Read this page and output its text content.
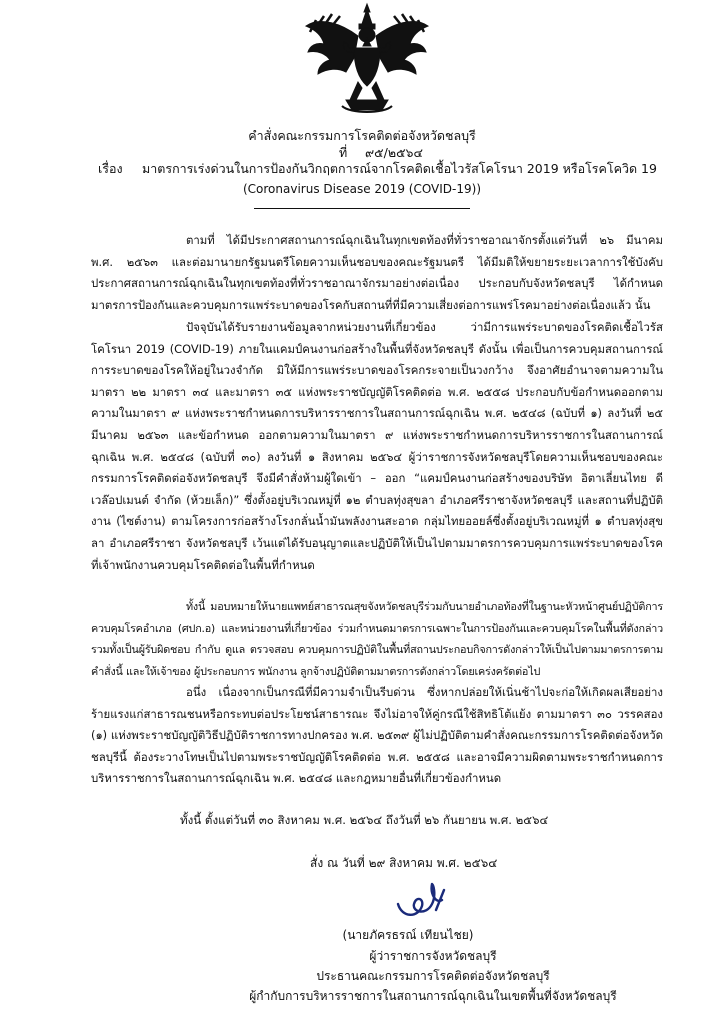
คำสั่งคณะกรรมการโรคติดต่อจังหวัดชลบุรี
ที่ ๙๕/๒๕๖๔
เรื่อง มาตรการเร่งด่วนในการป้องกันวิกฤตการณ์จากโรคติดเชื้อไวรัสโคโรนา 2019 หรือโรคโควิด 19
(Coronavirus Disease 2019 (COVID-19))
ตามที่ ได้มีประกาศสถานการณ์ฉุกเฉินในทุกเขตท้องที่ทั่วราชอาณาจักรตั้งแต่วันที่ ๒๖ มีนาคม พ.ศ. ๒๕๖๓ และต่อมานายกรัฐมนตรีโดยความเห็นชอบของคณะรัฐมนตรี ได้มีมติให้ขยายระยะเวลาการใช้บังคับประกาศสถานการณ์ฉุกเฉินในทุกเขตท้องที่ทั่วราชอาณาจักรมาอย่างต่อเนื่อง ประกอบกับจังหวัดชลบุรี ได้กำหนดมาตรการป้องกันและควบคุมการแพร่ระบาดของโรคกับสถานที่ที่มีความเสี่ยงต่อการแพร่โรคมาอย่างต่อเนื่องแล้ว นั้น
ปัจจุบันได้รับรายงานข้อมูลจากหน่วยงานที่เกี่ยวข้อง ว่ามีการแพร่ระบาดของโรคติดเชื้อไวรัสโคโรนา 2019 (COVID-19) ภายในแคมป์คนงานก่อสร้างในพื้นที่จังหวัดชลบุรี ดังนั้น เพื่อเป็นการควบคุมสถานการณ์การระบาดของโรคให้อยู่ในวงจำกัด มิให้มีการแพร่ระบาดของโรคกระจายเป็นวงกว้าง จึงอาศัยอำนาจตามความในมาตรา ๒๒ มาตรา ๓๔ และมาตรา ๓๕ แห่งพระราชบัญญัติโรคติดต่อ พ.ศ. ๒๕๕๘ ประกอบกับข้อกำหนดออกตามความในมาตรา ๙ แห่งพระราชกำหนดการบริหารราชการในสถานการณ์ฉุกเฉิน พ.ศ. ๒๕๔๘ (ฉบับที่ ๑) ลงวันที่ ๒๕ มีนาคม ๒๕๖๓ และข้อกำหนด ออกตามความในมาตรา ๙ แห่งพระราชกำหนดการบริหารราชการในสถานการณ์ฉุกเฉิน พ.ศ. ๒๕๔๘ (ฉบับที่ ๓๐) ลงวันที่ ๑ สิงหาคม ๒๕๖๔ ผู้ว่าราชการจังหวัดชลบุรีโดยความเห็นชอบของคณะกรรมการโรคติดต่อจังหวัดชลบุรี จึงมีคำสั่งห้ามผู้ใดเข้า – ออก “แคมป์คนงานก่อสร้างของบริษัท อิตาเลี่ยนไทย ดีเวล๊อปเมนต์ จำกัด (ห้วยเล็ก)” ซึ่งตั้งอยู่บริเวณหมู่ที่ ๑๒ ตำบลทุ่งสุขลา อำเภอศรีราชาจังหวัดชลบุรี และสถานที่ปฏิบัติงาน (ไซต์งาน) ตามโครงการก่อสร้างโรงกลั่นน้ำมันพลังงานสะอาด กลุ่มไทยออยล์ซึ่งตั้งอยู่บริเวณหมู่ที่ ๑ ตำบลทุ่งสุขลา อำเภอศรีราชา จังหวัดชลบุรี เว้นแต่ได้รับอนุญาตและปฏิบัติให้เป็นไปตามมาตรการควบคุมการแพร่ระบาดของโรคที่เจ้าพนักงานควบคุมโรคติดต่อในพื้นที่กำหนด
ทั้งนี้ มอบหมายให้นายแพทย์สาธารณสุขจังหวัดชลบุรีร่วมกับนายอำเภอท้องที่ในฐานะหัวหน้าศูนย์ปฏิบัติการควบคุมโรคอำเภอ (ศปก.อ) และหน่วยงานที่เกี่ยวข้อง ร่วมกำหนดมาตรการเฉพาะในการป้องกันและควบคุมโรคในพื้นที่ดังกล่าว รวมทั้งเป็นผู้รับผิดชอบ กำกับ ดูแล ตรวจสอบ ควบคุมการปฏิบัติในพื้นที่สถานประกอบกิจการดังกล่าวให้เป็นไปตามมาตรการตามคำสั่งนี้ และให้เจ้าของ ผู้ประกอบการ พนักงาน ลูกจ้างปฏิบัติตามมาตรการดังกล่าวโดยเคร่งครัดต่อไป
อนึ่ง เนื่องจากเป็นกรณีที่มีความจำเป็นรีบด่วน ซึ่งหากปล่อยให้เนิ่นช้าไปจะก่อให้เกิดผลเสียอย่างร้ายแรงแก่สาธารณชนหรือกระทบต่อประโยชน์สาธารณะ จึงไม่อาจให้คู่กรณีใช้สิทธิโต้แย้ง ตามมาตรา ๓๐ วรรคสอง (๑) แห่งพระราชบัญญัติวิธีปฏิบัติราชการทางปกครอง พ.ศ. ๒๕๓๙ ผู้ไม่ปฏิบัติตามคำสั่งคณะกรรมการโรคติดต่อจังหวัดชลบุรีนี้ ต้องระวางโทษเป็นไปตามพระราชบัญญัติโรคติดต่อ พ.ศ. ๒๕๕๘ และอาจมีความผิดตามพระราชกำหนดการบริหารราชการในสถานการณ์ฉุกเฉิน พ.ศ. ๒๕๔๘ และกฎหมายอื่นที่เกี่ยวข้องกำหนด
ทั้งนี้ ตั้งแต่วันที่ ๓๐ สิงหาคม พ.ศ. ๒๕๖๔ ถึงวันที่ ๒๖ กันยายน พ.ศ. ๒๕๖๔
สั่ง ณ วันที่ ๒๙ สิงหาคม พ.ศ. ๒๕๖๔
(นายภัครธรณ์ เทียนไชย)
ผู้ว่าราชการจังหวัดชลบุรี
ประธานคณะกรรมการโรคติดต่อจังหวัดชลบุรี
ผู้กำกับการบริหารราชการในสถานการณ์ฉุกเฉินในเขตพื้นที่จังหวัดชลบุรี
